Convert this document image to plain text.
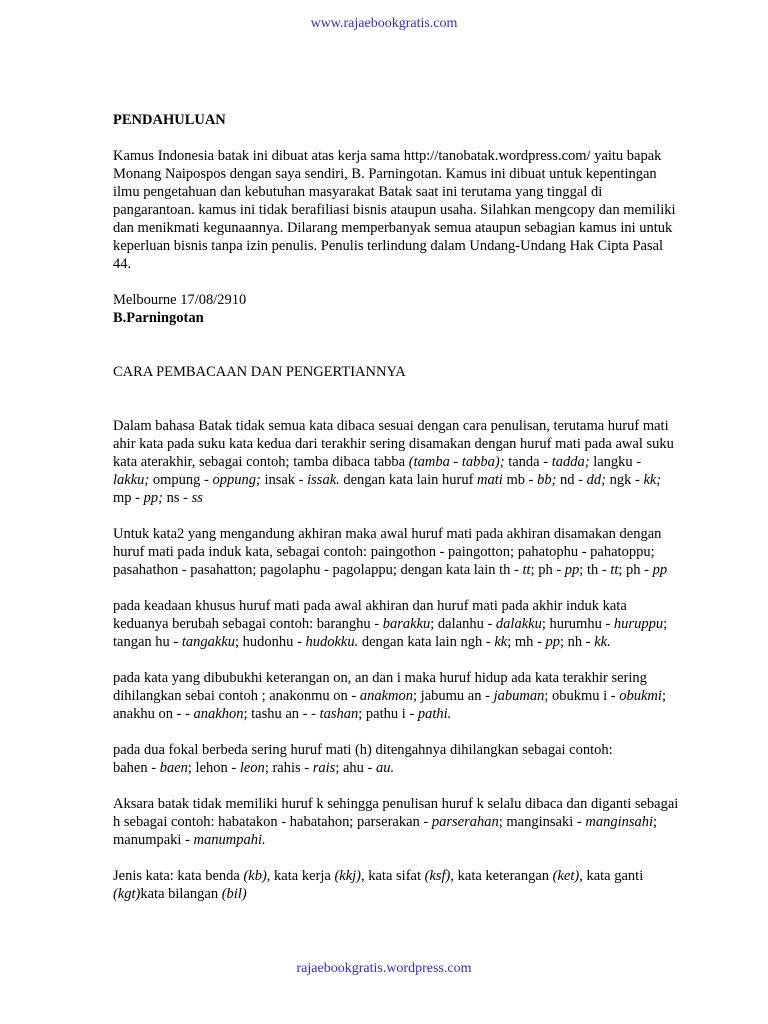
www.rajaebookgratis.com
PENDAHULUAN

Kamus Indonesia batak ini dibuat atas kerja sama http://tanobatak.wordpress.com/ yaitu bapak
Monang Naipospos dengan saya sendiri, B. Parningotan. Kamus ini dibuat untuk kepentingan
ilmu pengetahuan dan kebutuhan masyarakat Batak saat ini terutama yang tinggal di
pangarantoan. kamus ini tidak berafiliasi bisnis ataupun usaha. Silahkan mengcopy dan memiliki
dan menikmati kegunaannya. Dilarang memperbanyak semua ataupun sebagian kamus ini untuk
keperluan bisnis tanpa izin penulis. Penulis terlindung dalam Undang-Undang Hak Cipta Pasal
44.

Melbourne 17/08/2910
B.Parningotan
CARA PEMBACAAN DAN PENGERTIANNYA

Dalam bahasa Batak tidak semua kata dibaca sesuai dengan cara penulisan, terutama huruf mati
ahir kata pada suku kata kedua dari terakhir sering disamakan dengan huruf mati pada awal suku
kata aterakhir, sebagai contoh; tamba dibaca tabba (tamba - tabba); tanda - tadda; langku -
lakku; ompung - oppung; insak - issak. dengan kata lain huruf mati mb - bb; nd - dd; ngk - kk;
mp - pp; ns - ss

Untuk kata2 yang mengandung akhiran maka awal huruf mati pada akhiran disamakan dengan
huruf mati pada induk kata, sebagai contoh: paingothon - paingotton; pahatophu - pahatoppu;
pasahathon - pasahatton; pagolaphu - pagolappu; dengan kata lain th - tt; ph - pp; th - tt; ph - pp

pada keadaan khusus huruf mati pada awal akhiran dan huruf mati pada akhir induk kata
keduanya berubah sebagai contoh: baranghu - barakku; dalanhu - dalakku; hurumhu - huruppu;
tangan hu - tangakku; hudonhu - hudokku. dengan kata lain ngh - kk; mh - pp; nh - kk.

pada kata yang dibubukhi keterangan on, an dan i maka huruf hidup ada kata terakhir sering
dihilangkan sebai contoh ; anakonmu on - anakmon; jabumu an - jabuman; obukmu i - obukmi;
anakhu on - - anakhon; tashu an - - tashan; pathu i - pathi.

pada dua fokal berbeda sering huruf mati (h) ditengahnya dihilangkan sebagai contoh:
bahen - baen; lehon - leon; rahis - rais; ahu - au.

Aksara batak tidak memiliki huruf k sehingga penulisan huruf k selalu dibaca dan diganti sebagai
h sebagai contoh: habatakon - habatahon; parserakan - parserahan; manginsaki - manginsahi;
manumpaki - manumpahi.

Jenis kata: kata benda (kb), kata kerja (kkj), kata sifat (ksf), kata keterangan (ket), kata ganti
(kgt)kata bilangan (bil)

rajaebookgratis.wordpress.com
